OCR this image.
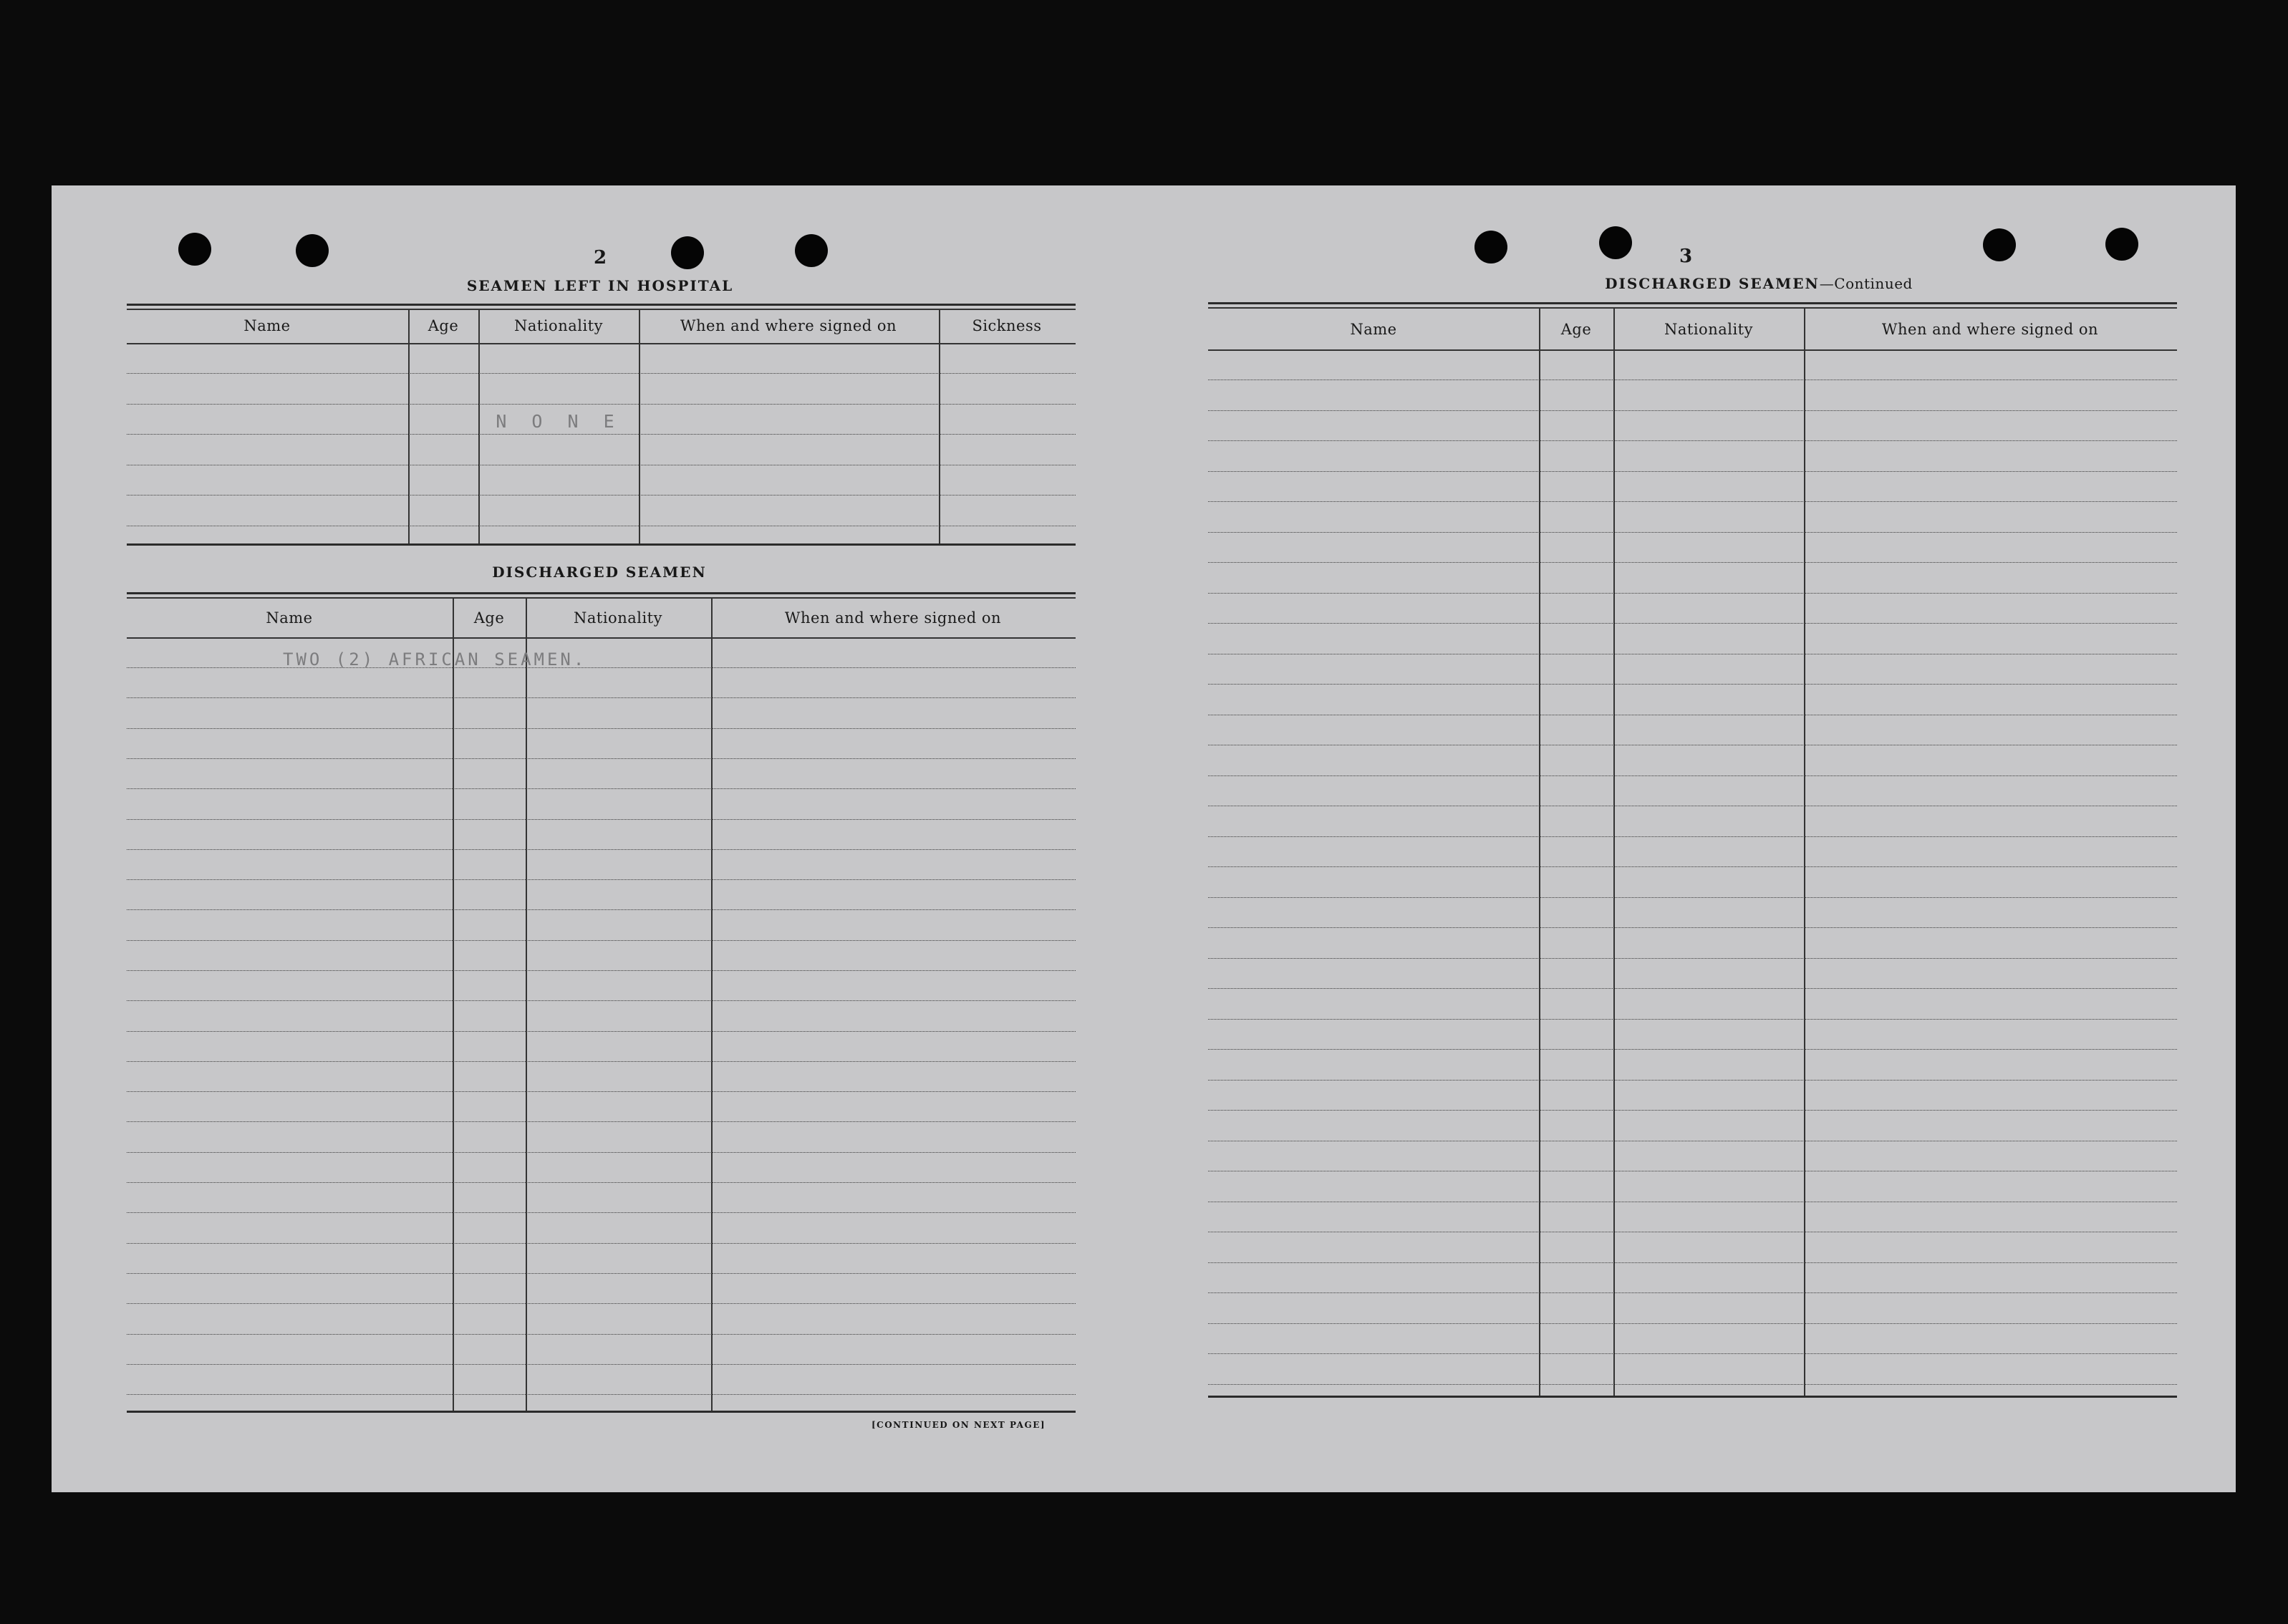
2
SEAMEN LEFT IN HOSPITAL
Name	Age	Nationality	When and where signed on	Sickness
N O N E
DISCHARGED SEAMEN
Name	Age	Nationality	When and where signed on
TWO (2) AFRICAN SEAMEN.
[CONTINUED ON NEXT PAGE]
3
DISCHARGED SEAMEN—Continued
Name	Age	Nationality	When and where signed on
